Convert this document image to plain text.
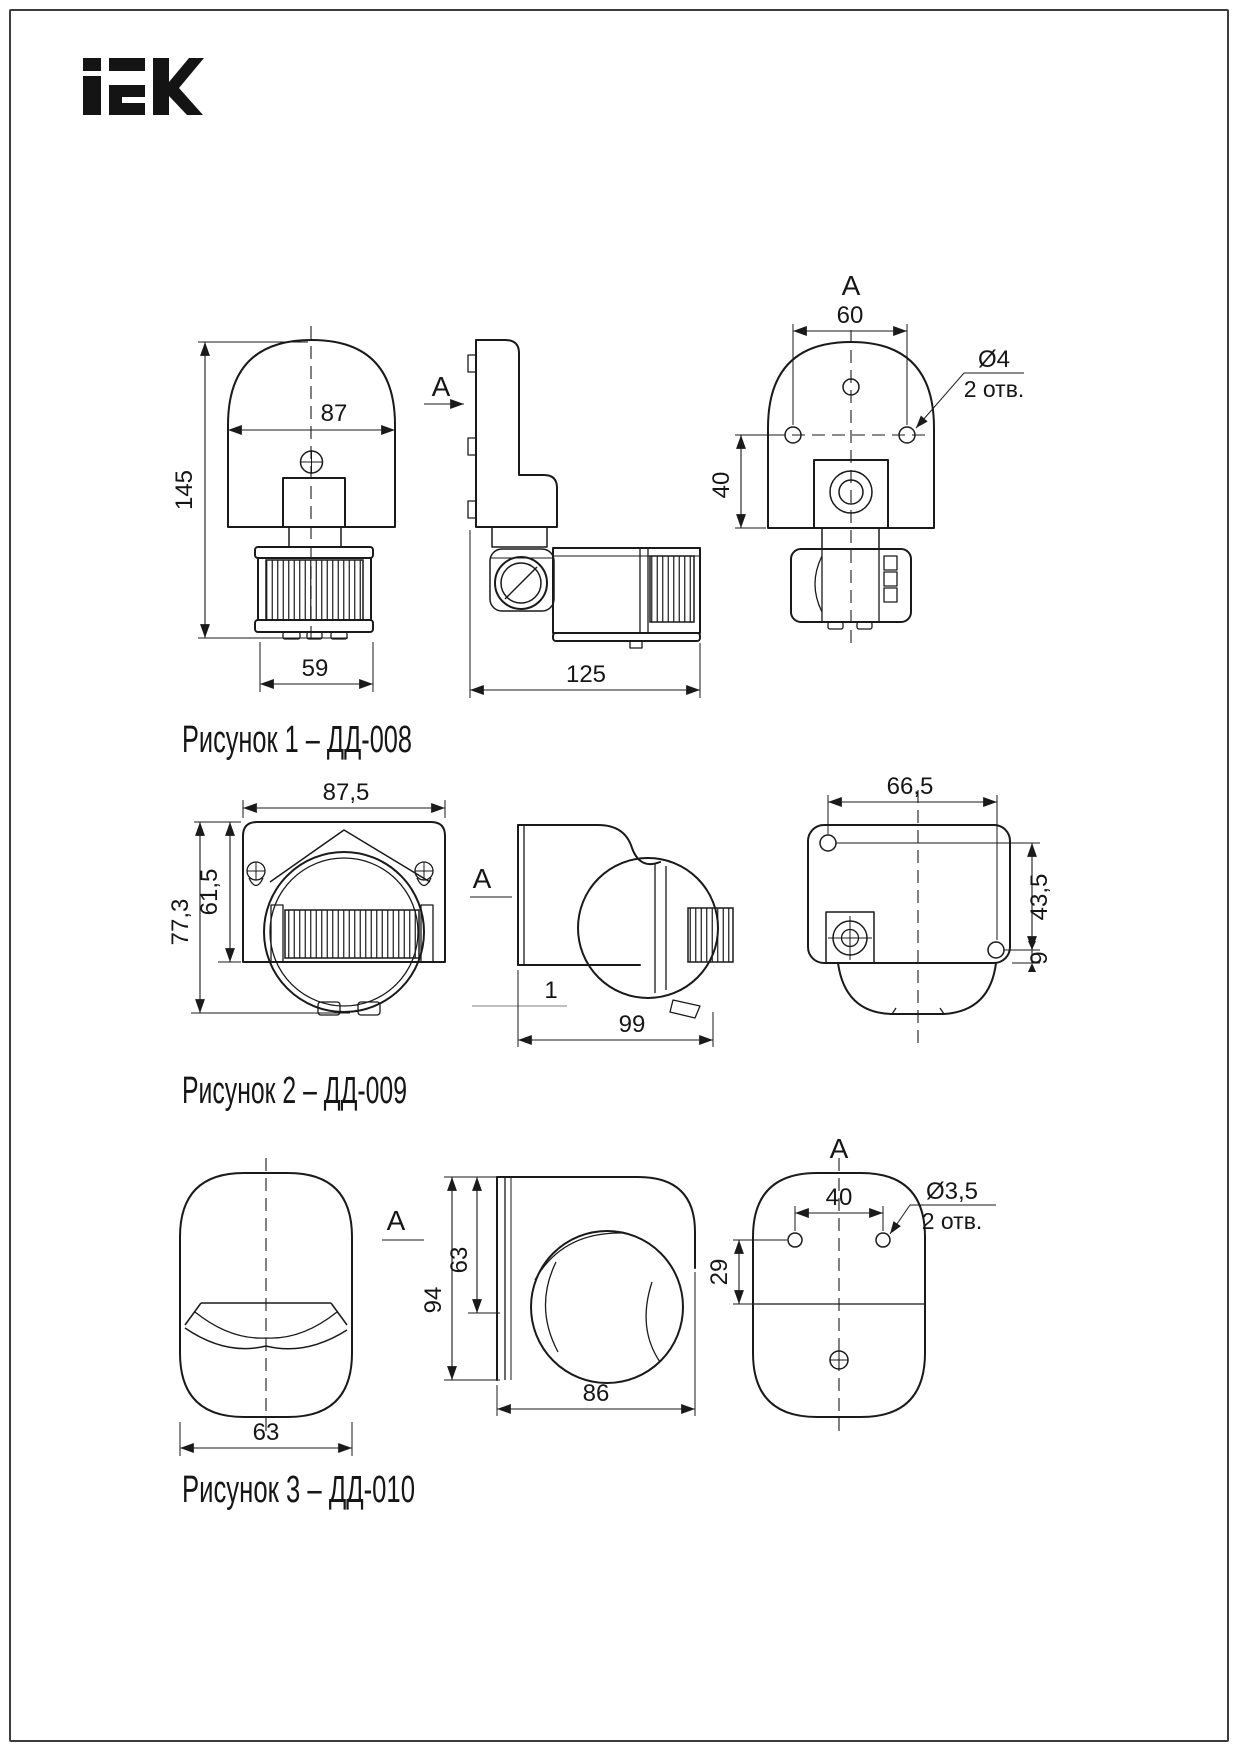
87
145
59
A
125
A
60
40
Ø4
2 отв.
Рисунок 1 – ДД-008
87,5
61,5
77,3
A
1
99
66,5
43,5
9
Рисунок 2 – ДД-009
63
A
94
63
86
A
40
29
Ø3,5
2 отв.
Рисунок 3 – ДД-010
